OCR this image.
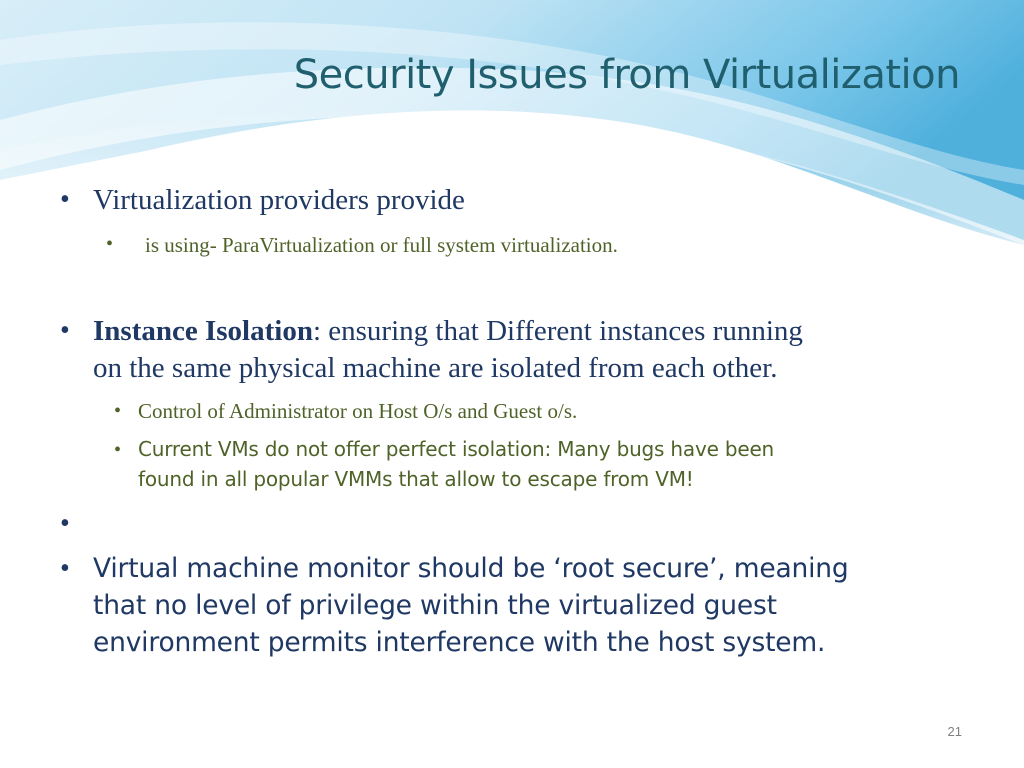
Security Issues from Virtualization
• Virtualization providers provide
• is using- ParaVirtualization or full system virtualization.
• Instance Isolation: ensuring that Different instances running
on the same physical machine are isolated from each other.
• Control of Administrator on Host O/s and Guest o/s.
• Current VMs do not offer perfect isolation: Many bugs have been
found in all popular VMMs that allow to escape from VM!
•
• Virtual machine monitor should be ‘root secure’, meaning
that no level of privilege within the virtualized guest
environment permits interference with the host system.
21
